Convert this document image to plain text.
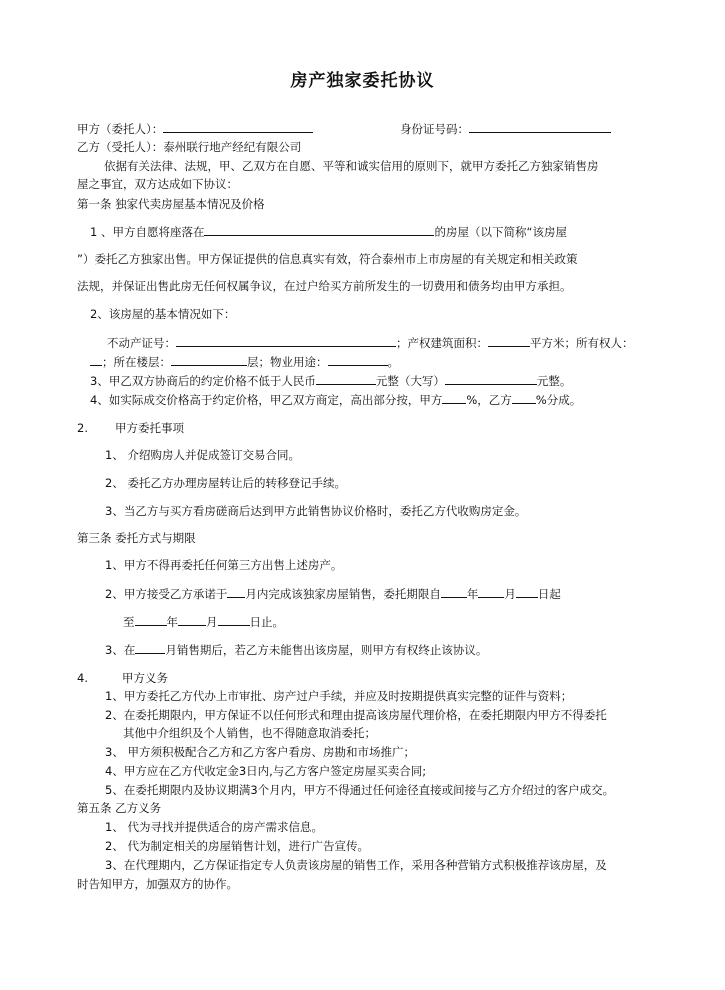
房产独家委托协议
甲方（委托人）：	身份证号码：
乙方（受托人）：泰州联行地产经纪有限公司
依据有关法律、法规，甲、乙双方在自愿、平等和诚实信用的原则下，就甲方委托乙方独家销售房
屋之事宜，双方达成如下协议：
第一条 独家代卖房屋基本情况及价格
1 、甲方自愿将座落在	的房屋（以下简称“该房屋
”）委托乙方独家出售。甲方保证提供的信息真实有效，符合泰州市上市房屋的有关规定和相关政策
法规，并保证出售此房无任何权属争议，在过户给买方前所发生的一切费用和债务均由甲方承担。
2、该房屋的基本情况如下：
不动产证号：	；产权建筑面积：	平方米；所有权人：
；所在楼层：	层；物业用途：	。
3、甲乙双方协商后的约定价格不低于人民币	元整（大写）	元整。
4、如实际成交价格高于约定价格，甲乙双方商定，高出部分按，甲方 %，乙方 %分成。
2. 甲方委托事项
1、 介绍购房人并促成签订交易合同。
2、 委托乙方办理房屋转让后的转移登记手续。
3、当乙方与买方看房磋商后达到甲方此销售协议价格时，委托乙方代收购房定金。
第三条 委托方式与期限
1、甲方不得再委托任何第三方出售上述房产。
2、甲方接受乙方承诺于 月内完成该独家房屋销售，委托期限自 年 月 日起
至	年 月	日止。
3、在	月销售期后，若乙方未能售出该房屋，则甲方有权终止该协议。
4.	甲方义务
1、甲方委托乙方代办上市审批、房产过户手续，并应及时按期提供真实完整的证件与资料；
2、在委托期限内，甲方保证不以任何形式和理由提高该房屋代理价格，在委托期限内甲方不得委托
其他中介组织及个人销售，也不得随意取消委托；
3、 甲方须积极配合乙方和乙方客户看房、房勘和市场推广；
4、甲方应在乙方代收定金3日内,与乙方客户签定房屋买卖合同;
5、在委托期限内及协议期满3个月内，甲方不得通过任何途径直接或间接与乙方介绍过的客户成交。
第五条 乙方义务
1、 代为寻找并提供适合的房产需求信息。
2、 代为制定相关的房屋销售计划，进行广告宣传。
3、在代理期内，乙方保证指定专人负责该房屋的销售工作，采用各种营销方式积极推荐该房屋，及
时告知甲方，加强双方的协作。
